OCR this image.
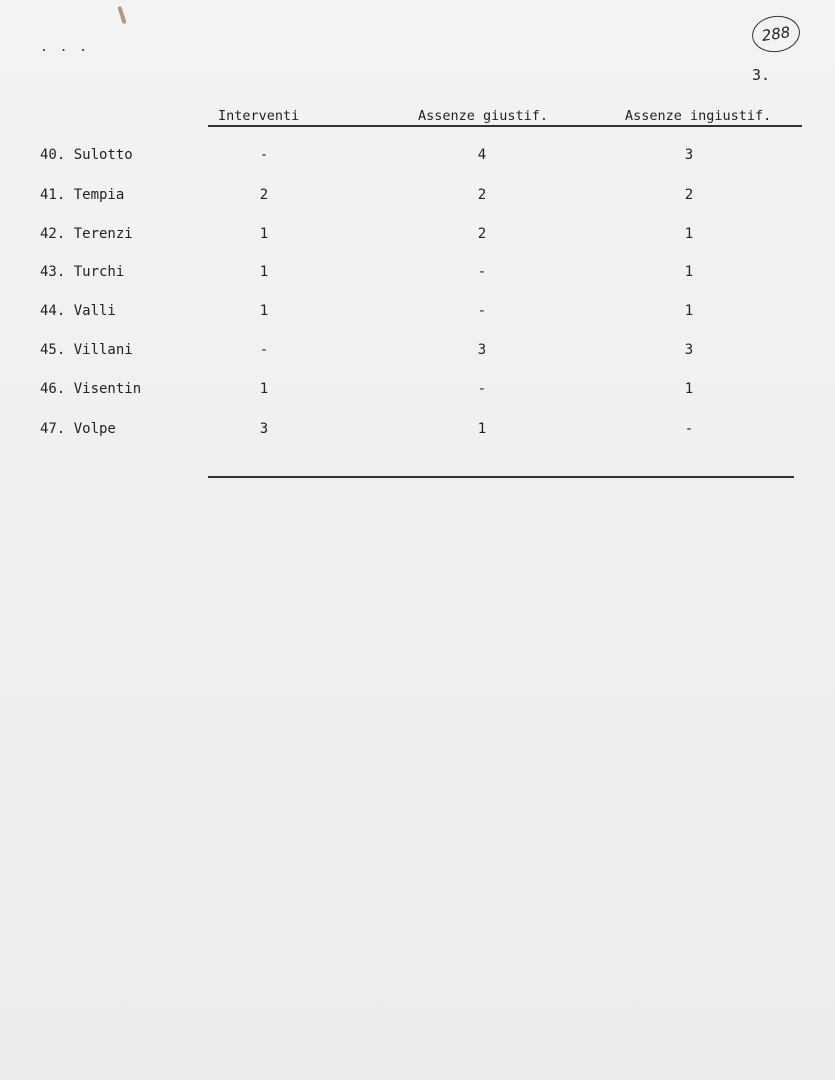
. . .
288
3.
Interventi	Assenze giustif.	Assenze ingiustif.
40. Sulotto	-	4	3
41. Tempia	2	2	2
42. Terenzi	1	2	1
43. Turchi	1	-	1
44. Valli	1	-	1
45. Villani	-	3	3
46. Visentin	1	-	1
47. Volpe	3	1	-
